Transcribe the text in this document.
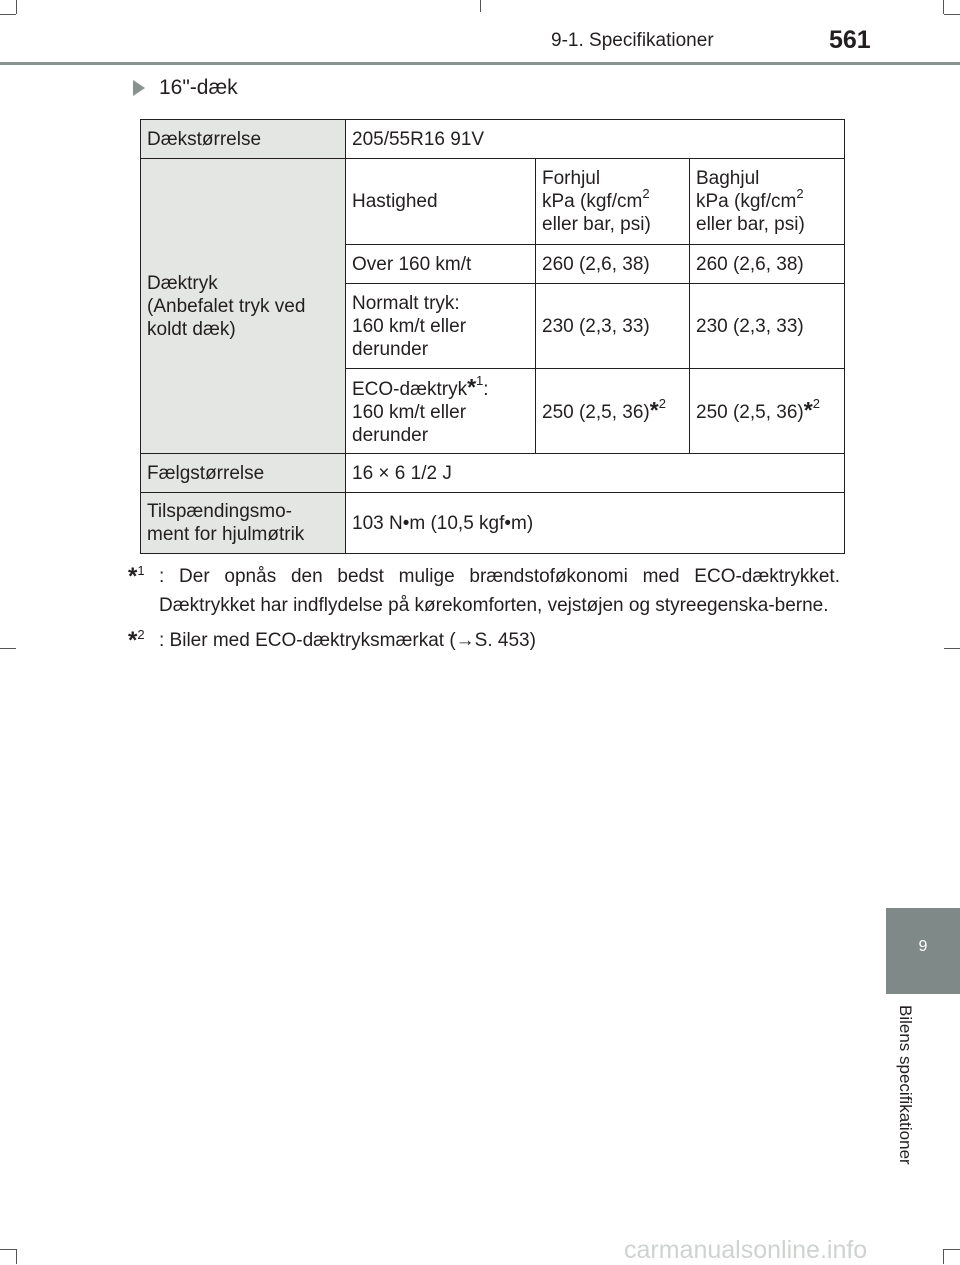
9-1. Specifikationer	561
16"-dæk
Dækstørrelse	205/55R16 91V		
Dæktryk
(Anbefalet tryk ved
koldt dæk)	Hastighed	Forhjul
kPa ($kgf/cm^2$
eller bar, psi)	Baghjul
kPa ($kgf/cm^2$
eller bar, psi)
	Over 160 km/t	260 (2,6, 38)	260 (2,6, 38)
	Normalt tryk:
160 km/t eller
derunder	230 (2,3, 33)	230 (2,3, 33)
	ECO-dæktryk*$^1$:
160 km/t eller
derunder	250 (2,5, 36)*$^2$	250 (2,5, 36)*$^2$
Fælgstørrelse	16 × 6 1/2 J		
Tilspændingsmo-
ment for hjulmøtrik	103 N•m (10,5 kgf•m)		
*$^1$ : Der opnås den bedst mulige brændstoføkonomi med ECO-dæktrykket. Dæktrykket har indflydelse på kørekomforten, vejstøjen og styreegenska-berne.
*$^2$ : Biler med ECO-dæktryksmærkat (→S. 453)
9
Bilens specifikationer
carmanualsonline.info
